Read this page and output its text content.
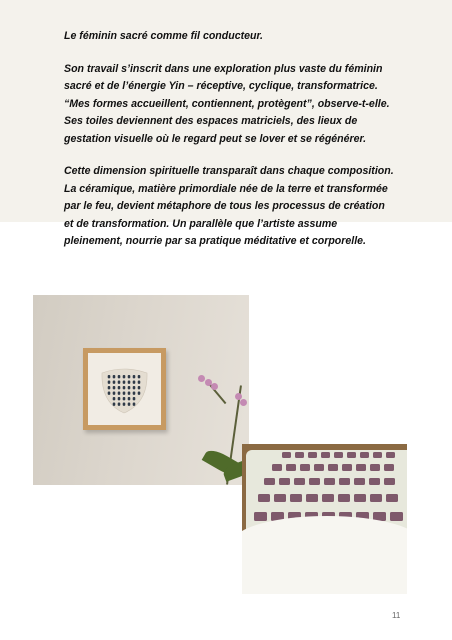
Le féminin sacré comme fil conducteur.

Son travail s’inscrit dans une exploration plus vaste du féminin sacré et de l’énergie Yin – réceptive, cyclique, transformatrice. “Mes formes accueillent, contiennent, protègent”, observe-t-elle. Ses toiles deviennent des espaces matriciels, des lieux de gestation visuelle où le regard peut se lover et se régénérer.

Cette dimension spirituelle transparaît dans chaque composition. La céramique, matière primordiale née de la terre et transformée par le feu, devient métaphore de tous les processus de création et de transformation. Un parallèle que l’artiste assume pleinement, nourrie par sa pratique méditative et corporelle.

11
